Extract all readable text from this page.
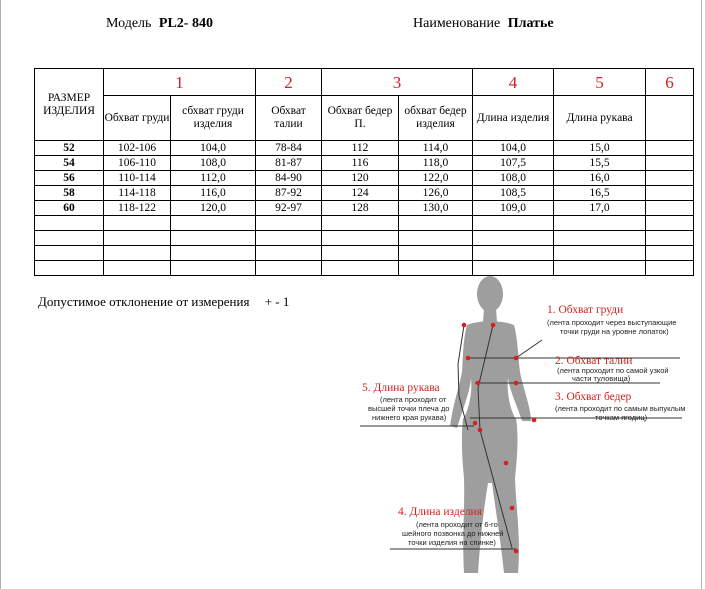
Модель PL2- 840	Наименование Платье
РАЗМЕР ИЗДЕЛИЯ	1		2	3		4	5	6
	Обхват груди	сбхват груди изделия	Обхват талии	Обхват бедер П.	обхват бедер изделия	Длина изделия	Длина рукава	
52	102-106	104,0	78-84	112	114,0	104,0	15,0	
54	106-110	108,0	81-87	116	118,0	107,5	15,5	
56	110-114	112,0	84-90	120	122,0	108,0	16,0	
58	114-118	116,0	87-92	124	126,0	108,5	16,5	
60	118-122	120,0	92-97	128	130,0	109,0	17,0	

Допустимое отклонение от измерения + - 1
1. Обхват груди
(лента проходит через выступающие
точки груди на уровне лопаток)
2. Обхват талии
(лента проходит по самой узкой
части туловища)
3. Обхват бедер
(лента проходит по самым выпуклым
точкам ягодиц)
4. Длина изделия
(лента проходит от 6-го
шейного позвонка до нижней
точки изделия на спинке)
5. Длина рукава
(лента проходит от
высшей точки плеча до
нижнего края рукава)
